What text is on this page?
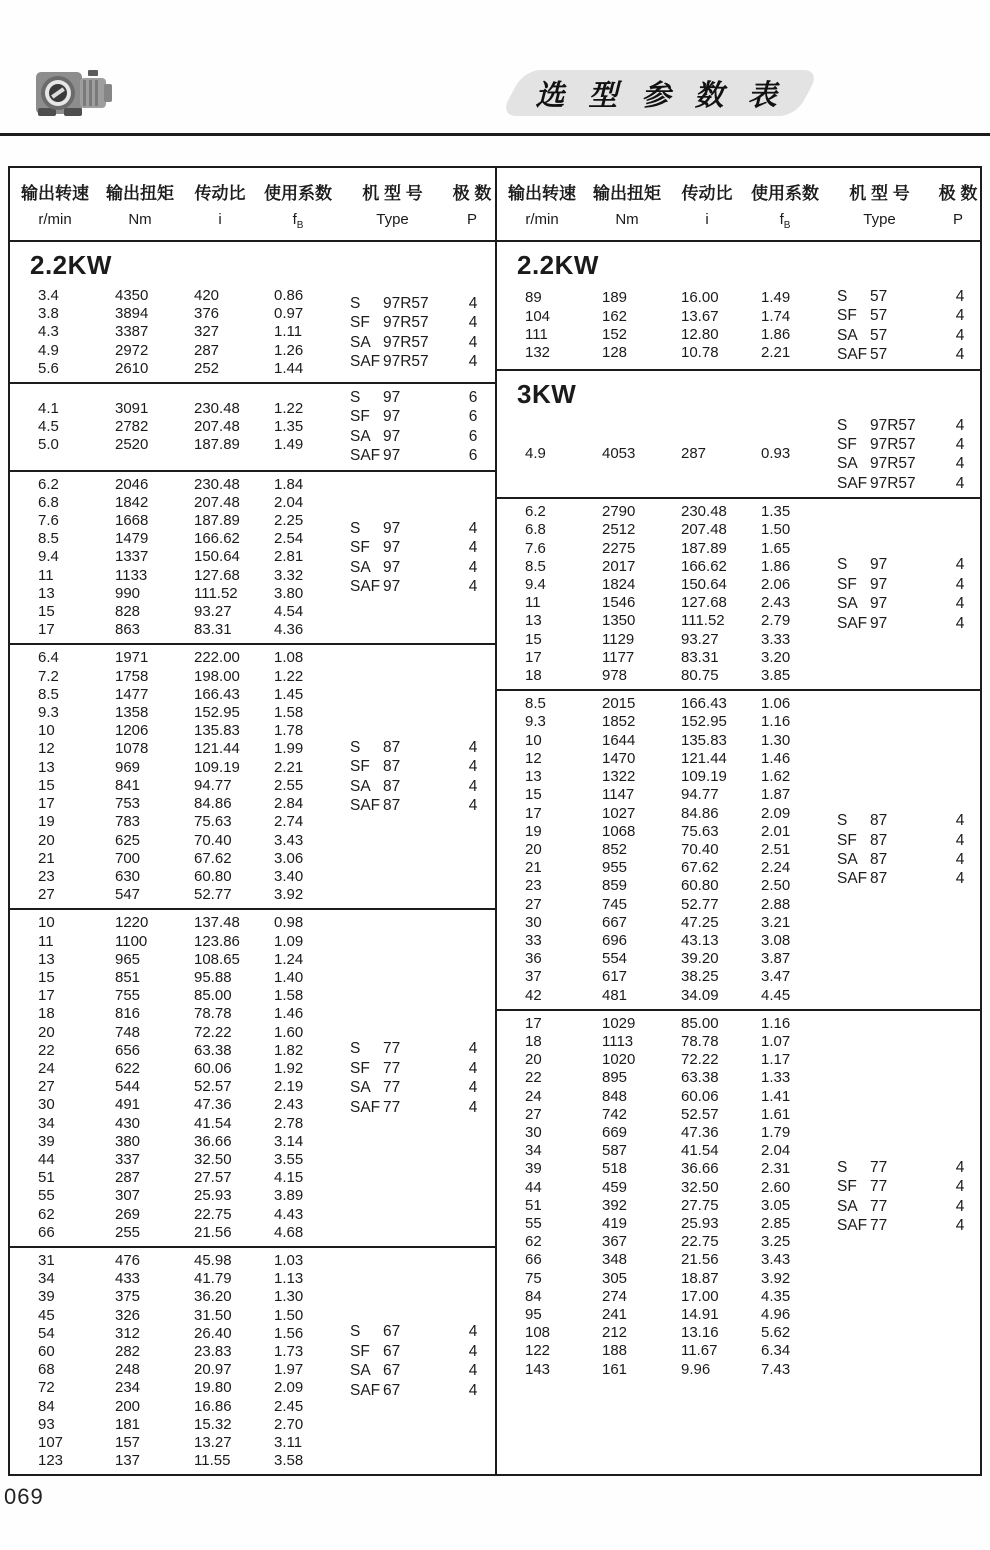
选 型 参 数 表
输出转速
r/min
输出扭矩
Nm
传动比
i
使用系数
$f_B$
机 型 号
Type
极 数
P
2.2KW
3.4	4350	420	0.86
3.8	3894	376	0.97
4.3	3387	327	1.11
4.9	2972	287	1.26
5.6	2610	252	1.44
S 97R57	4
SF 97R57	4
SA 97R57	4
SAF 97R57	4
4.1	3091	230.48	1.22
4.5	2782	207.48	1.35
5.0	2520	187.89	1.49
S 97	6
SF 97	6
SA 97	6
SAF 97	6
6.2	2046	230.48	1.84
6.8	1842	207.48	2.04
7.6	1668	187.89	2.25
8.5	1479	166.62	2.54
9.4	1337	150.64	2.81
11	1133	127.68	3.32
13	990	111.52	3.80
15	828	93.27	4.54
17	863	83.31	4.36
S 97	4
SF 97	4
SA 97	4
SAF 97	4
6.4	1971	222.00	1.08
7.2	1758	198.00	1.22
8.5	1477	166.43	1.45
9.3	1358	152.95	1.58
10	1206	135.83	1.78
12	1078	121.44	1.99
13	969	109.19	2.21
15	841	94.77	2.55
17	753	84.86	2.84
19	783	75.63	2.74
20	625	70.40	3.43
21	700	67.62	3.06
23	630	60.80	3.40
27	547	52.77	3.92
S 87	4
SF 87	4
SA 87	4
SAF 87	4
10	1220	137.48	0.98
11	1100	123.86	1.09
13	965	108.65	1.24
15	851	95.88	1.40
17	755	85.00	1.58
18	816	78.78	1.46
20	748	72.22	1.60
22	656	63.38	1.82
24	622	60.06	1.92
27	544	52.57	2.19
30	491	47.36	2.43
34	430	41.54	2.78
39	380	36.66	3.14
44	337	32.50	3.55
51	287	27.57	4.15
55	307	25.93	3.89
62	269	22.75	4.43
66	255	21.56	4.68
S 77	4
SF 77	4
SA 77	4
SAF 77	4
31	476	45.98	1.03
34	433	41.79	1.13
39	375	36.20	1.30
45	326	31.50	1.50
54	312	26.40	1.56
60	282	23.83	1.73
68	248	20.97	1.97
72	234	19.80	2.09
84	200	16.86	2.45
93	181	15.32	2.70
107	157	13.27	3.11
123	137	11.55	3.58
S 67	4
SF 67	4
SA 67	4
SAF 67	4
输出转速
r/min
输出扭矩
Nm
传动比
i
使用系数
$f_B$
机 型 号
Type
极 数
P
2.2KW
89	189	16.00	1.49
104	162	13.67	1.74
111	152	12.80	1.86
132	128	10.78	2.21
S 57	4
SF 57	4
SA 57	4
SAF 57	4
3KW
4.9	4053	287	0.93
S 97R57	4
SF 97R57	4
SA 97R57	4
SAF 97R57	4
6.2	2790	230.48	1.35
6.8	2512	207.48	1.50
7.6	2275	187.89	1.65
8.5	2017	166.62	1.86
9.4	1824	150.64	2.06
11	1546	127.68	2.43
13	1350	111.52	2.79
15	1129	93.27	3.33
17	1177	83.31	3.20
18	978	80.75	3.85
S 97	4
SF 97	4
SA 97	4
SAF 97	4
8.5	2015	166.43	1.06
9.3	1852	152.95	1.16
10	1644	135.83	1.30
12	1470	121.44	1.46
13	1322	109.19	1.62
15	1147	94.77	1.87
17	1027	84.86	2.09
19	1068	75.63	2.01
20	852	70.40	2.51
21	955	67.62	2.24
23	859	60.80	2.50
27	745	52.77	2.88
30	667	47.25	3.21
33	696	43.13	3.08
36	554	39.20	3.87
37	617	38.25	3.47
42	481	34.09	4.45
S 87	4
SF 87	4
SA 87	4
SAF 87	4
17	1029	85.00	1.16
18	1113	78.78	1.07
20	1020	72.22	1.17
22	895	63.38	1.33
24	848	60.06	1.41
27	742	52.57	1.61
30	669	47.36	1.79
34	587	41.54	2.04
39	518	36.66	2.31
44	459	32.50	2.60
51	392	27.75	3.05
55	419	25.93	2.85
62	367	22.75	3.25
66	348	21.56	3.43
75	305	18.87	3.92
84	274	17.00	4.35
95	241	14.91	4.96
108	212	13.16	5.62
122	188	11.67	6.34
143	161	9.96	7.43
S 77	4
SF 77	4
SA 77	4
SAF 77	4
069
